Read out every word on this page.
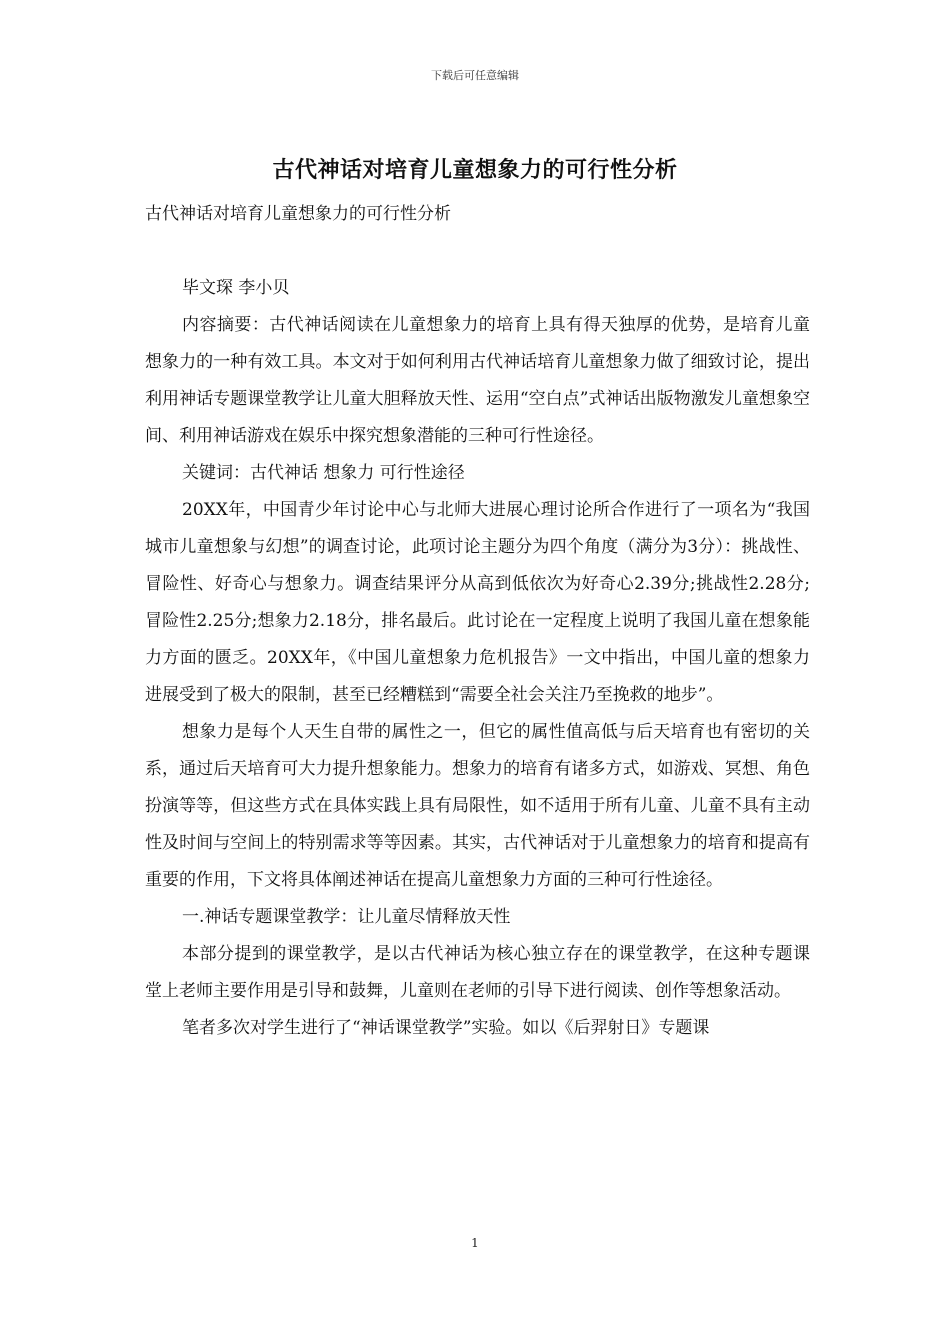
下载后可任意编辑
古代神话对培育儿童想象力的可行性分析

古代神话对培育儿童想象力的可行性分析

毕文琛 李小贝

内容摘要：古代神话阅读在儿童想象力的培育上具有得天独厚的优势，是培育儿童想象力的一种有效工具。本文对于如何利用古代神话培育儿童想象力做了细致讨论，提出利用神话专题课堂教学让儿童大胆释放天性、运用“空白点”式神话出版物激发儿童想象空间、利用神话游戏在娱乐中探究想象潜能的三种可行性途径。

关键词：古代神话 想象力 可行性途径

20XX年，中国青少年讨论中心与北师大进展心理讨论所合作进行了一项名为“我国城市儿童想象与幻想”的调查讨论，此项讨论主题分为四个角度（满分为3分）：挑战性、冒险性、好奇心与想象力。调查结果评分从高到低依次为好奇心2.39分;挑战性2.28分;冒险性2.25分;想象力2.18分，排名最后。此讨论在一定程度上说明了我国儿童在想象能力方面的匮乏。20XX年，《中国儿童想象力危机报告》一文中指出，中国儿童的想象力进展受到了极大的限制，甚至已经糟糕到“需要全社会关注乃至挽救的地步”。

想象力是每个人天生自带的属性之一，但它的属性值高低与后天培育也有密切的关系，通过后天培育可大力提升想象能力。想象力的培育有诸多方式，如游戏、冥想、角色扮演等等，但这些方式在具体实践上具有局限性，如不适用于所有儿童、儿童不具有主动性及时间与空间上的特别需求等等因素。其实，古代神话对于儿童想象力的培育和提高有重要的作用，下文将具体阐述神话在提高儿童想象力方面的三种可行性途径。

一.神话专题课堂教学：让儿童尽情释放天性

本部分提到的课堂教学，是以古代神话为核心独立存在的课堂教学，在这种专题课堂上老师主要作用是引导和鼓舞，儿童则在老师的引导下进行阅读、创作等想象活动。

笔者多次对学生进行了“神话课堂教学”实验。如以《后羿射日》专题课

1
